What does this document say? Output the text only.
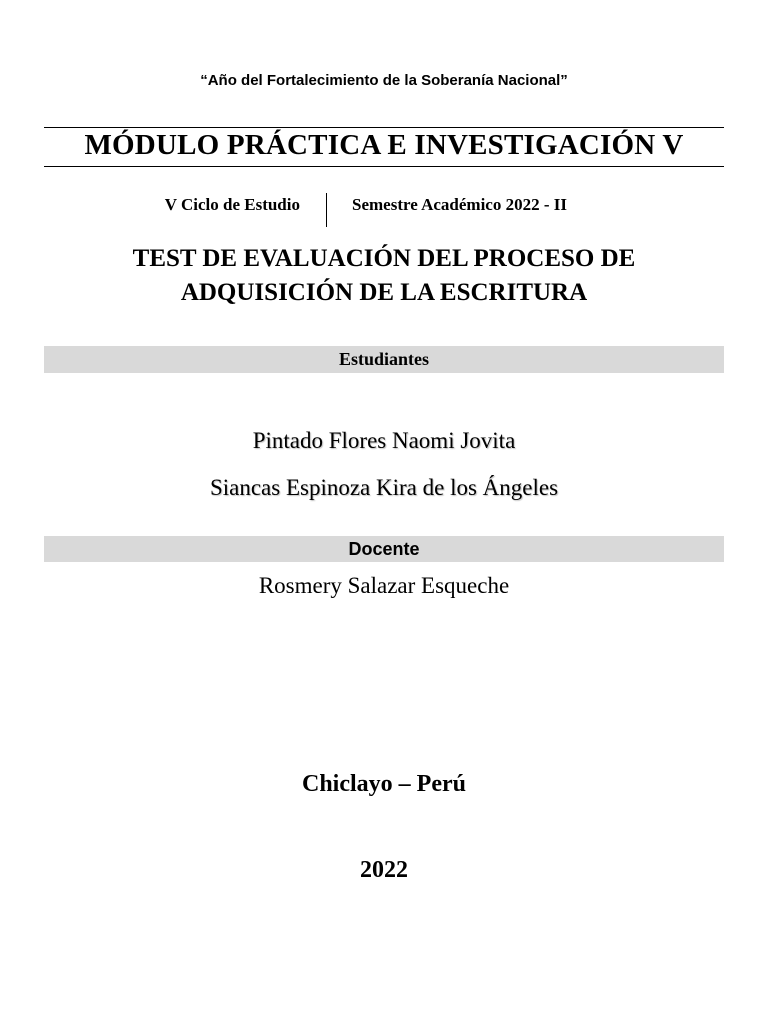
“Año del Fortalecimiento de la Soberanía Nacional”
MÓDULO PRÁCTICA E INVESTIGACIÓN V
V Ciclo de Estudio	Semestre Académico 2022 - II
TEST DE EVALUACIÓN DEL PROCESO DE
ADQUISICIÓN DE LA ESCRITURA
Estudiantes
Pintado Flores Naomi Jovita
Siancas Espinoza Kira de los Ángeles
Docente
Rosmery Salazar Esqueche
Chiclayo – Perú
2022
